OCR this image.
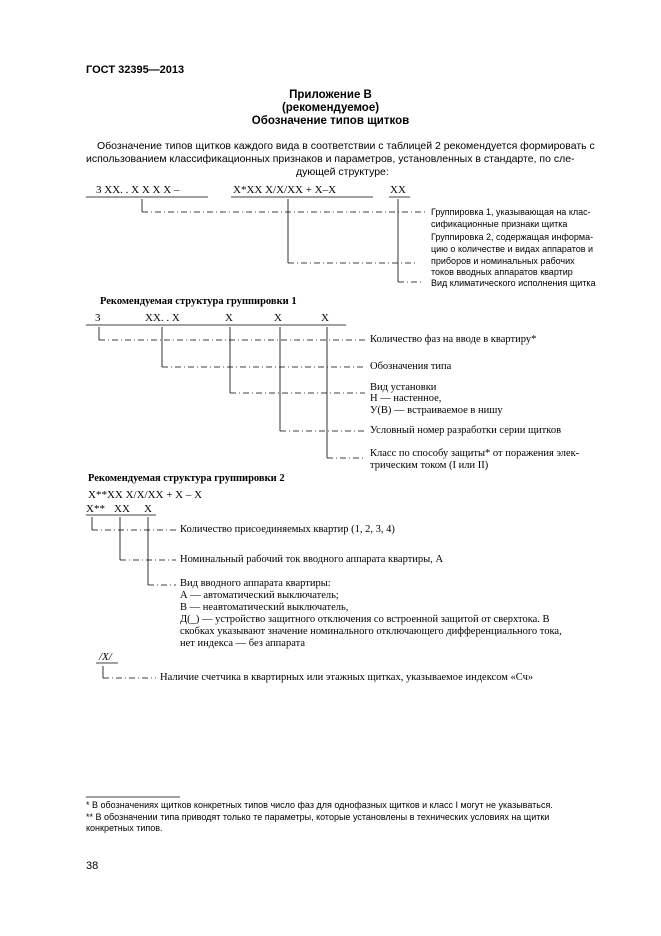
ГОСТ 32395—2013
Приложение В
(рекомендуемое)
Обозначение типов щитков
Обозначение типов щитков каждого вида в соответствии с таблицей 2 рекомендуется формировать с
использованием классификационных признаков и параметров, установленных в стандарте, по сле-
дующей структуре:
3 XX. . X X X X –	X*XX X/X/XX + X–X	XX
Группировка 1, указывающая на клас-
сификационные признаки щитка
Группировка 2, содержащая информа-
цию о количестве и видах аппаратов и
приборов и номинальных рабочих
токов вводных аппаратов квартир
Вид климатического исполнения щитка
Рекомендуемая структура группировки 1
3	XX. . X	X	X	X
Количество фаз на вводе в квартиру*
Обозначения типа
Вид установки
Н — настенное,
У(В) — встраиваемое в нишу
Условный номер разработки серии щитков
Класс по способу защиты* от поражения элек-
трическим током (I или II)
Рекомендуемая структура группировки 2
X**XX X/X/XX + X – X
X** XX X
Количество присоединяемых квартир (1, 2, 3, 4)
Номинальный рабочий ток вводного аппарата квартиры, А
Вид вводного аппарата квартиры:
А — автоматический выключатель;
В — неавтоматический выключатель,
Д(_) — устройство защитного отключения со встроенной защитой от сверхтока. В
скобках указывают значение номинального отключающего дифференциального тока,
нет индекса — без аппарата
/X/
Наличие счетчика в квартирных или этажных щитках, указываемое индексом «Сч»
* В обозначениях щитков конкретных типов число фаз для однофазных щитков и класс I могут не указываться.
** В обозначении типа приводят только те параметры, которые установлены в технических условиях на щитки
конкретных типов.
38
